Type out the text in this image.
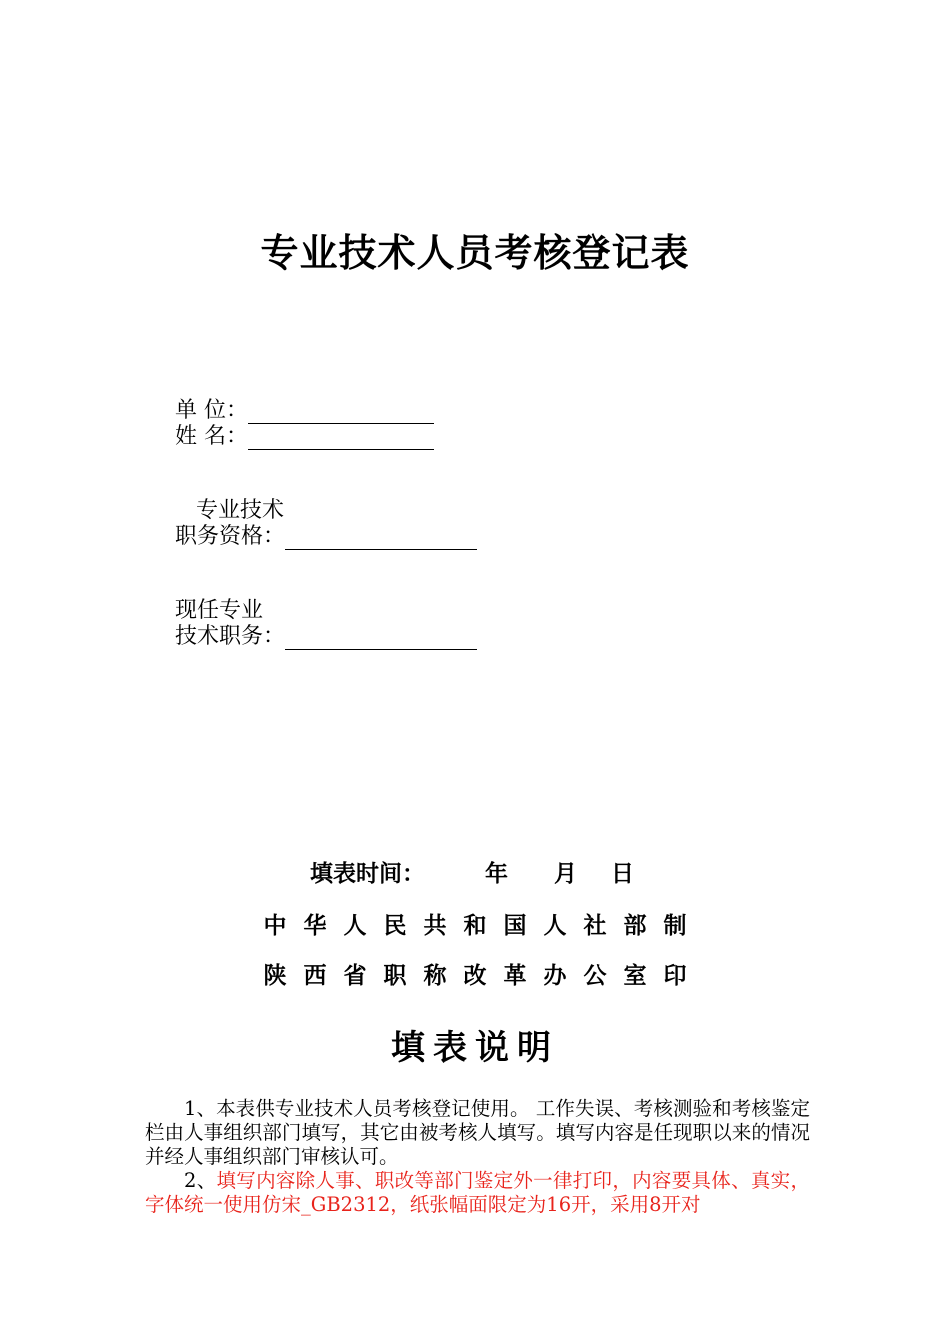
专业技术人员考核登记表
单 位：
姓 名：
专业技术
职务资格：
现任专业
技术职务：
填表时间：	年 月 日
中华人民共和国人社部制
陕西省职称改革办公室印
填表说明
1、本表供专业技术人员考核登记使用。 工作失误、考核测验和考核鉴定栏由人事组织部门填写，其它由被考核人填写。填写内容是任现职以来的情况并经人事组织部门审核认可。
2、填写内容除人事、职改等部门鉴定外一律打印，内容要具体、真实，字体统一使用仿宋_GB2312，纸张幅面限定为16开，采用8开对
